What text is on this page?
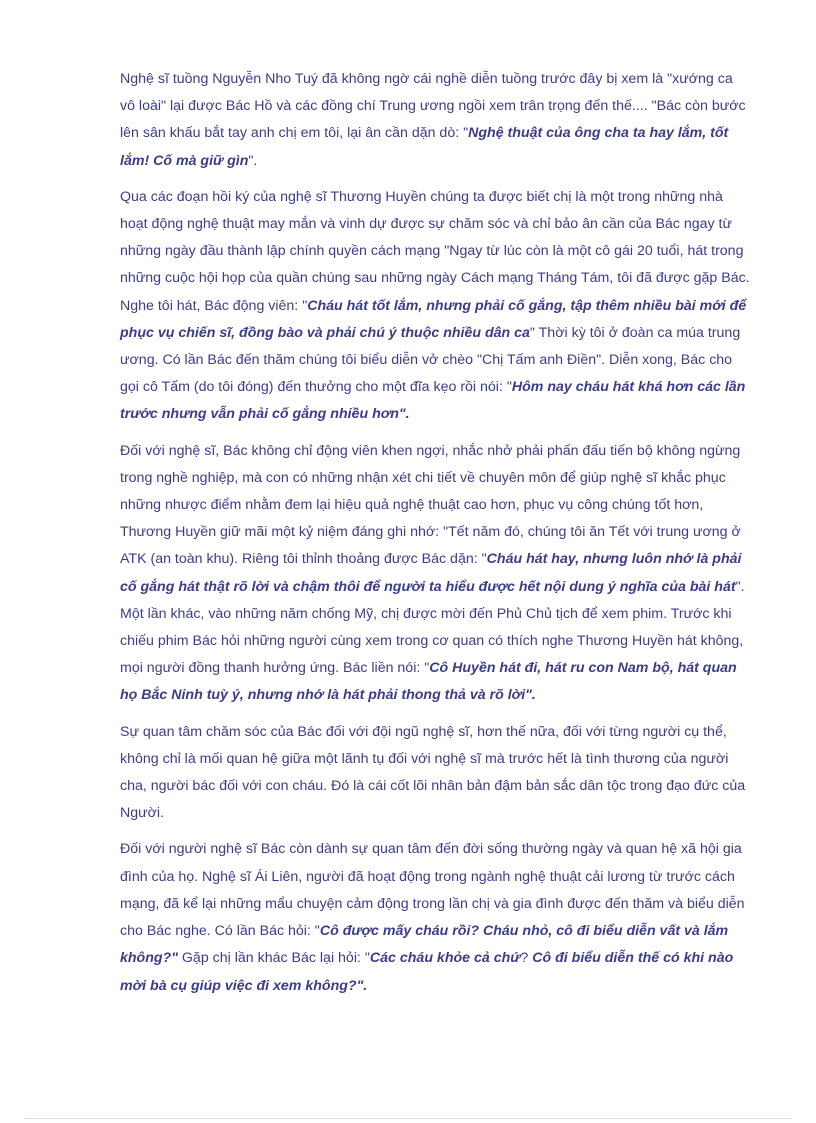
Nghệ sĩ tuồng Nguyễn Nho Tuý đã không ngờ cái nghề diễn tuồng trước đây bị xem là "xướng ca vô loài" lại được Bác Hồ và các đồng chí Trung ương ngồi xem trân trọng đến thế.... "Bác còn bước lên sân khấu bắt tay anh chị em tôi, lại ân cần dặn dò: "Nghệ thuật của ông cha ta hay lắm, tốt lắm! Cố mà giữ gìn".

Qua các đoạn hồi ký của nghệ sĩ Thương Huyền chúng ta được biết chị là một trong những nhà hoạt động nghệ thuật may mắn và vinh dự được sự chăm sóc và chỉ bảo ân cần của Bác ngay từ những ngày đầu thành lập chính quyền cách mạng "Ngay từ lúc còn là một cô gái 20 tuổi, hát trong những cuộc hội họp của quần chúng sau những ngày Cách mạng Tháng Tám, tôi đã được gặp Bác. Nghe tôi hát, Bác động viên: "Cháu hát tốt lắm, nhưng phải cố gắng, tập thêm nhiều bài mới để phục vụ chiến sĩ, đồng bào và phải chú ý thuộc nhiều dân ca" Thời kỳ tôi ở đoàn ca múa trung ương. Có lần Bác đến thăm chúng tôi biểu diễn vở chèo "Chị Tấm anh Điền". Diễn xong, Bác cho gọi cô Tấm (do tôi đóng) đến thưởng cho một đĩa kẹo rồi nói: "Hôm nay cháu hát khá hơn các lần trước nhưng vẫn phải cố gắng nhiều hơn".

Đối với nghệ sĩ, Bác không chỉ động viên khen ngợi, nhắc nhở phải phấn đấu tiến bộ không ngừng trong nghề nghiệp, mà con có những nhận xét chi tiết về chuyên môn để giúp nghệ sĩ khắc phục những nhược điểm nhằm đem lại hiệu quả nghệ thuật cao hơn, phục vụ công chúng tốt hơn, Thương Huyền giữ mãi một kỷ niệm đáng ghi nhớ: "Tết năm đó, chúng tôi ăn Tết với trung ương ở ATK (an toàn khu). Riêng tôi thỉnh thoảng được Bác dặn: "Cháu hát hay, nhưng luôn nhớ là phải cố gắng hát thật rõ lời và chậm thôi để người ta hiểu được hết nội dung ý nghĩa của bài hát". Một lần khác, vào những năm chống Mỹ, chị được mời đến Phủ Chủ tịch để xem phim. Trước khi chiếu phim Bác hỏi những người cùng xem trong cơ quan có thích nghe Thương Huyền hát không, mọi người đồng thanh hưởng ứng. Bác liền nói: "Cô Huyền hát đi, hát ru con Nam bộ, hát quan họ Bắc Ninh tuỳ ý, nhưng nhớ là hát phải thong thả và rõ lời".

Sự quan tâm chăm sóc của Bác đối với đội ngũ nghệ sĩ, hơn thế nữa, đối với từng người cụ thể, không chỉ là mối quan hệ giữa một lãnh tụ đối với nghệ sĩ mà trước hết là tình thương của người cha, người bác đối với con cháu. Đó là cái cốt lõi nhân bản đậm bản sắc dân tộc trong đạo đức của Người.

Đối với người nghệ sĩ Bác còn dành sự quan tâm đến đời sống thường ngày và quan hệ xã hội gia đình của họ. Nghệ sĩ Ái Liên, người đã hoạt động trong ngành nghệ thuật cải lương từ trước cách mạng, đã kể lại những mẩu chuyện cảm động trong lần chị và gia đình được đến thăm và biểu diễn cho Bác nghe. Có lần Bác hỏi: "Cô được mấy cháu rồi? Cháu nhỏ, cô đi biểu diễn vất và lắm không?" Gặp chị lần khác Bác lại hỏi: "Các cháu khỏe cả chứ? Cô đi biểu diễn thế có khi nào mời bà cụ giúp việc đi xem không?".
